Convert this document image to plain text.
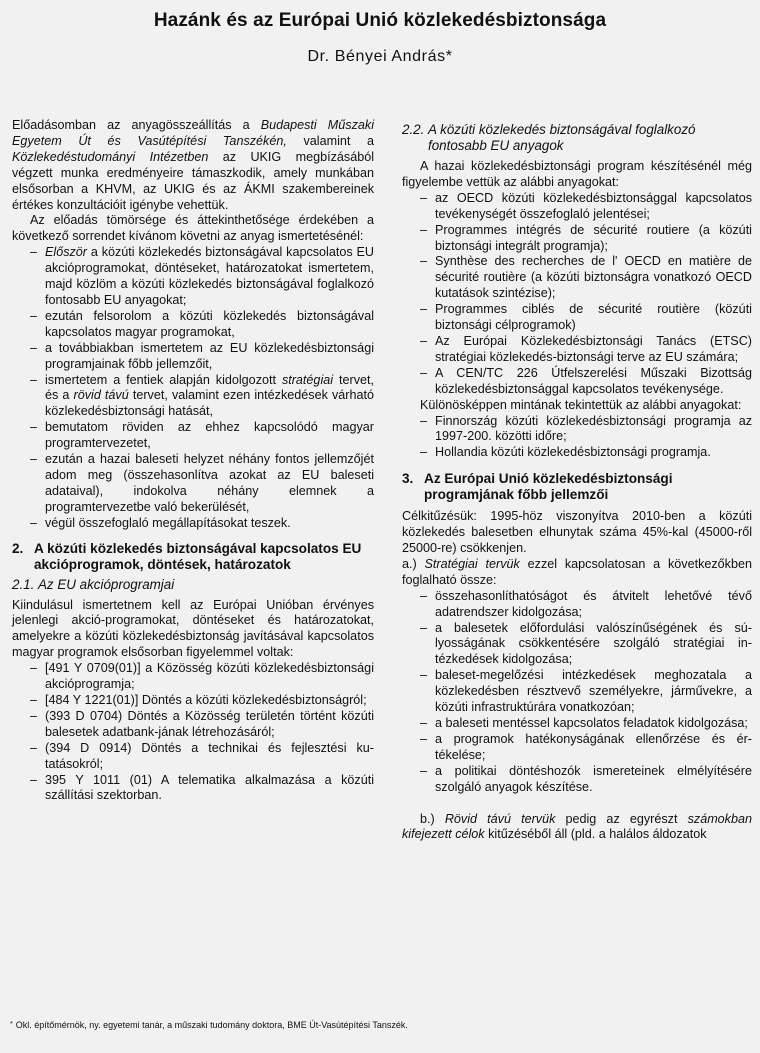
Hazánk és az Európai Unió közlekedésbiztonsága
Dr. Bényei András*

Előadásomban az anyagösszeállítás a Budapesti Műszaki Egyetem Út és Vasútépítési Tanszékén, valamint a Közlekedéstudományi Intézetben az UKIG megbízásából végzett munka eredményeire támaszkodik, amely munkában elsősorban a KHVM, az UKIG és az ÁKMI szakembereinek értékes konzultációit igénybe vehettük.

Az előadás tömörsége és áttekinthetősége érdekében a következő sorrendet kívánom követni az anyag ismertetésénél:

– Először a közúti közlekedés biztonságával kapcsolatos EU akcióprogramokat, döntéseket, határozatokat ismertetem, majd közlöm a közúti közlekedés biztonságával foglalkozó fontosabb EU anyagokat;
– ezután felsorolom a közúti közlekedés biztonságával kapcsolatos magyar programokat,
– a továbbiakban ismertetem az EU közlekedésbiztonsági programjainak főbb jellemzőit,
– ismertetem a fentiek alapján kidolgozott stratégiai tervet, és a rövid távú tervet, valamint ezen intézkedések várható közlekedésbiztonsági hatását,
– bemutatom röviden az ehhez kapcsolódó magyar programtervezetet,
– ezután a hazai baleseti helyzet néhány fontos jellemzőjét adom meg (összehasonlítva azokat az EU baleseti adataival), indokolva néhány elemnek a programtervezetbe való bekerülését,
– végül összefoglaló megállapításokat teszek.
2. A közúti közlekedés biztonságával kapcsolatos EU akcióprogramok, döntések, határozatok
2.1. Az EU akcióprogramjai

Kiindulásul ismertetnem kell az Európai Unióban érvényes jelenlegi akció-programokat, döntéseket és határozatokat, amelyekre a közúti közlekedésbiztonság javításával kapcsolatos magyar programok elsősorban figyelemmel voltak:

– [491 Y 0709(01)] a Közösség közúti közlekedésbiztonsági akcióprogramja;
– [484 Y 1221(01)] Döntés a közúti közlekedésbiztonságról;
– (393 D 0704) Döntés a Közösség területén történt közúti balesetek adatbank-jának létrehozásáról;
– (394 D 0914) Döntés a technikai és fejlesztési kutatásokról;
– 395 Y 1011 (01) A telematika alkalmazása a közúti szállítási szektorban.
2.2. A közúti közlekedés biztonságával foglalkozó fontosabb EU anyagok

A hazai közlekedésbiztonsági program készítésénél még figyelembe vettük az alábbi anyagokat:

– az OECD közúti közlekedésbiztonsággal kapcsolatos tevékenységét összefoglaló jelentései;
– Programmes intégrés de sécurité routiere (a közúti biztonsági integrált programja);
– Synthèse des recherches de l' OECD en matière de sécurité routière (a közúti biztonságra vonatkozó OECD kutatások szintézise);
– Programmes ciblés de sécurité routière (közúti biztonsági célprogramok)
– Az Európai Közlekedésbiztonsági Tanács (ETSC) stratégiai közlekedés-biztonsági terve az EU számára;
– A CEN/TC 226 Útfelszerelési Műszaki Bizottság közlekedésbiztonsággal kapcsolatos tevékenysége.

Különösképpen mintának tekintettük az alábbi anyagokat:

– Finnország közúti közlekedésbiztonsági programja az 1997-200. közötti időre;
– Hollandia közúti közlekedésbiztonsági programja.
3. Az Európai Unió közlekedésbiztonsági programjának főbb jellemzői

Célkitűzésük: 1995-höz viszonyítva 2010-ben a közúti közlekedés balesetben elhunytak száma 45%-kal (45000-ről 25000-re) csökkenjen.

a.) Stratégiai tervük ezzel kapcsolatosan a következőkben foglalható össze:

– összehasonlíthatóságot és átvitelt lehetővé tévő adatrendszer kidolgozása;
– a balesetek előfordulási valószínűségének és súlyosságának csökkentésére szolgáló stratégiai intézkedések kidolgozása;
– baleset-megelőzési intézkedések meghozatala a közlekedésben résztvevő személyekre, járművekre, a közúti infrastruktúrára vonatkozóan;
– a baleseti mentéssel kapcsolatos feladatok kidolgozása;
– a programok hatékonyságának ellenőrzése és értékelése;
– a politikai döntéshozók ismereteinek elmélyítésére szolgáló anyagok készítése.

b.) Rövid távú tervük pedig az egyrészt számokban kifejezett célok kitűzéséből áll (pld. a halálos áldozatok

* Okl. építőmérnök, ny. egyetemi tanár, a műszaki tudomány doktora, BME Út-Vasútépítési Tanszék.
